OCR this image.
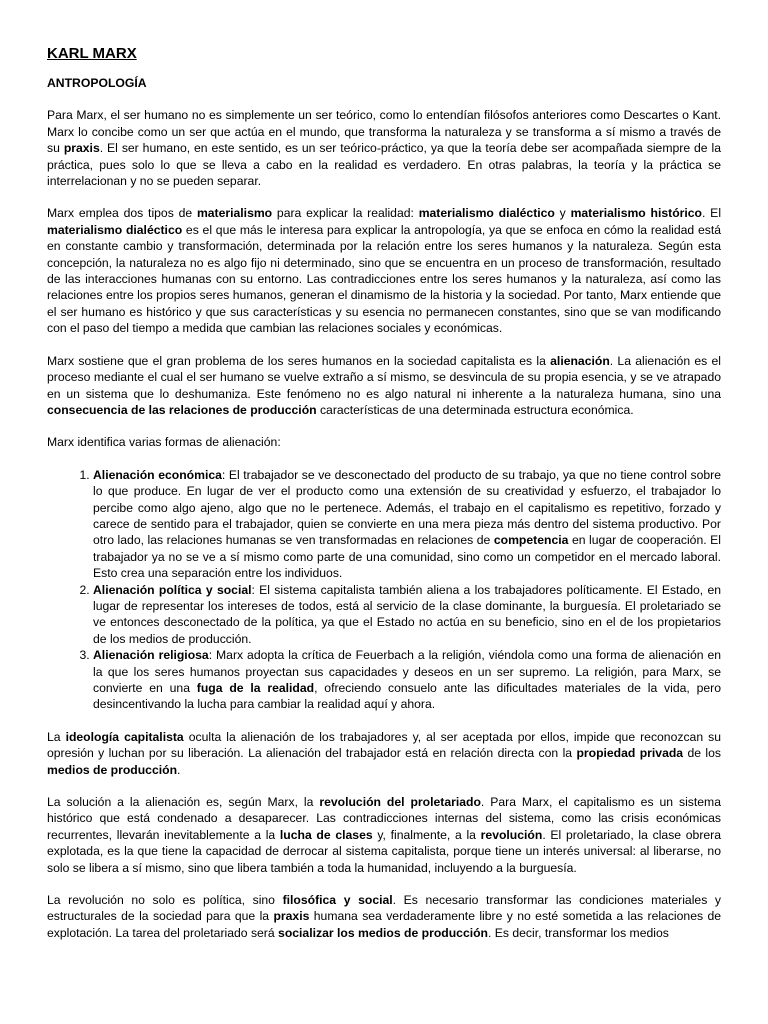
KARL MARX
ANTROPOLOGÍA

Para Marx, el ser humano no es simplemente un ser teórico, como lo entendían filósofos anteriores como Descartes o Kant. Marx lo concibe como un ser que actúa en el mundo, que transforma la naturaleza y se transforma a sí mismo a través de su praxis. El ser humano, en este sentido, es un ser teórico-práctico, ya que la teoría debe ser acompañada siempre de la práctica, pues solo lo que se lleva a cabo en la realidad es verdadero. En otras palabras, la teoría y la práctica se interrelacionan y no se pueden separar.

Marx emplea dos tipos de materialismo para explicar la realidad: materialismo dialéctico y materialismo histórico. El materialismo dialéctico es el que más le interesa para explicar la antropología, ya que se enfoca en cómo la realidad está en constante cambio y transformación, determinada por la relación entre los seres humanos y la naturaleza. Según esta concepción, la naturaleza no es algo fijo ni determinado, sino que se encuentra en un proceso de transformación, resultado de las interacciones humanas con su entorno. Las contradicciones entre los seres humanos y la naturaleza, así como las relaciones entre los propios seres humanos, generan el dinamismo de la historia y la sociedad. Por tanto, Marx entiende que el ser humano es histórico y que sus características y su esencia no permanecen constantes, sino que se van modificando con el paso del tiempo a medida que cambian las relaciones sociales y económicas.

Marx sostiene que el gran problema de los seres humanos en la sociedad capitalista es la alienación. La alienación es el proceso mediante el cual el ser humano se vuelve extraño a sí mismo, se desvincula de su propia esencia, y se ve atrapado en un sistema que lo deshumaniza. Este fenómeno no es algo natural ni inherente a la naturaleza humana, sino una consecuencia de las relaciones de producción características de una determinada estructura económica.

Marx identifica varias formas de alienación:

1. Alienación económica: El trabajador se ve desconectado del producto de su trabajo, ya que no tiene control sobre lo que produce. En lugar de ver el producto como una extensión de su creatividad y esfuerzo, el trabajador lo percibe como algo ajeno, algo que no le pertenece. Además, el trabajo en el capitalismo es repetitivo, forzado y carece de sentido para el trabajador, quien se convierte en una mera pieza más dentro del sistema productivo. Por otro lado, las relaciones humanas se ven transformadas en relaciones de competencia en lugar de cooperación. El trabajador ya no se ve a sí mismo como parte de una comunidad, sino como un competidor en el mercado laboral. Esto crea una separación entre los individuos.
2. Alienación política y social: El sistema capitalista también aliena a los trabajadores políticamente. El Estado, en lugar de representar los intereses de todos, está al servicio de la clase dominante, la burguesía. El proletariado se ve entonces desconectado de la política, ya que el Estado no actúa en su beneficio, sino en el de los propietarios de los medios de producción.
3. Alienación religiosa: Marx adopta la crítica de Feuerbach a la religión, viéndola como una forma de alienación en la que los seres humanos proyectan sus capacidades y deseos en un ser supremo. La religión, para Marx, se convierte en una fuga de la realidad, ofreciendo consuelo ante las dificultades materiales de la vida, pero desincentivando la lucha para cambiar la realidad aquí y ahora.

La ideología capitalista oculta la alienación de los trabajadores y, al ser aceptada por ellos, impide que reconozcan su opresión y luchan por su liberación. La alienación del trabajador está en relación directa con la propiedad privada de los medios de producción.

La solución a la alienación es, según Marx, la revolución del proletariado. Para Marx, el capitalismo es un sistema histórico que está condenado a desaparecer. Las contradicciones internas del sistema, como las crisis económicas recurrentes, llevarán inevitablemente a la lucha de clases y, finalmente, a la revolución. El proletariado, la clase obrera explotada, es la que tiene la capacidad de derrocar al sistema capitalista, porque tiene un interés universal: al liberarse, no solo se libera a sí mismo, sino que libera también a toda la humanidad, incluyendo a la burguesía.

La revolución no solo es política, sino filosófica y social. Es necesario transformar las condiciones materiales y estructurales de la sociedad para que la praxis humana sea verdaderamente libre y no esté sometida a las relaciones de explotación. La tarea del proletariado será socializar los medios de producción. Es decir, transformar los medios
